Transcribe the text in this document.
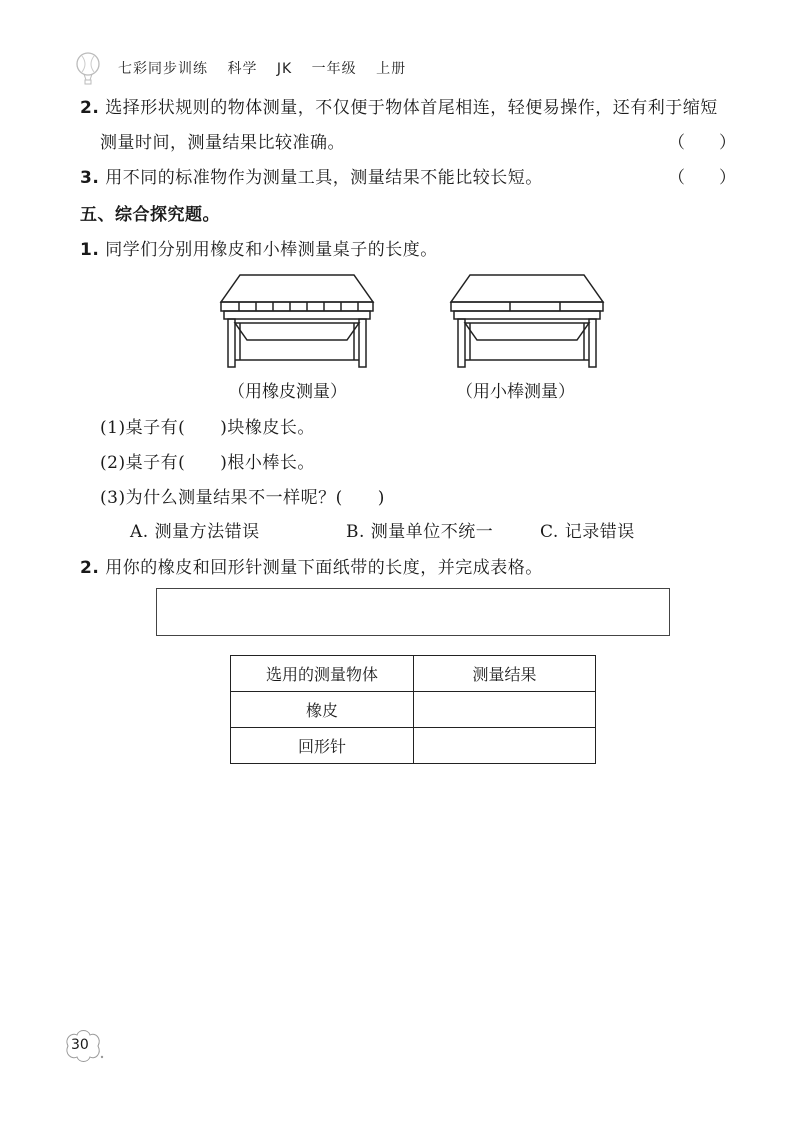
七彩同步训练 科学 JK 一年级 上册
2. 选择形状规则的物体测量，不仅便于物体首尾相连，轻便易操作，还有利于缩短
测量时间，测量结果比较准确。	（　　）
3. 用不同的标准物作为测量工具，测量结果不能比较长短。	（　　）
五、综合探究题。
1. 同学们分别用橡皮和小棒测量桌子的长度。
（用橡皮测量）	（用小棒测量）
(1)桌子有(　　)块橡皮长。
(2)桌子有(　　)根小棒长。
(3)为什么测量结果不一样呢？(　　)
A. 测量方法错误	B. 测量单位不统一	C. 记录错误
2. 用你的橡皮和回形针测量下面纸带的长度，并完成表格。
选用的测量物体	测量结果
橡皮	
回形针	
30
